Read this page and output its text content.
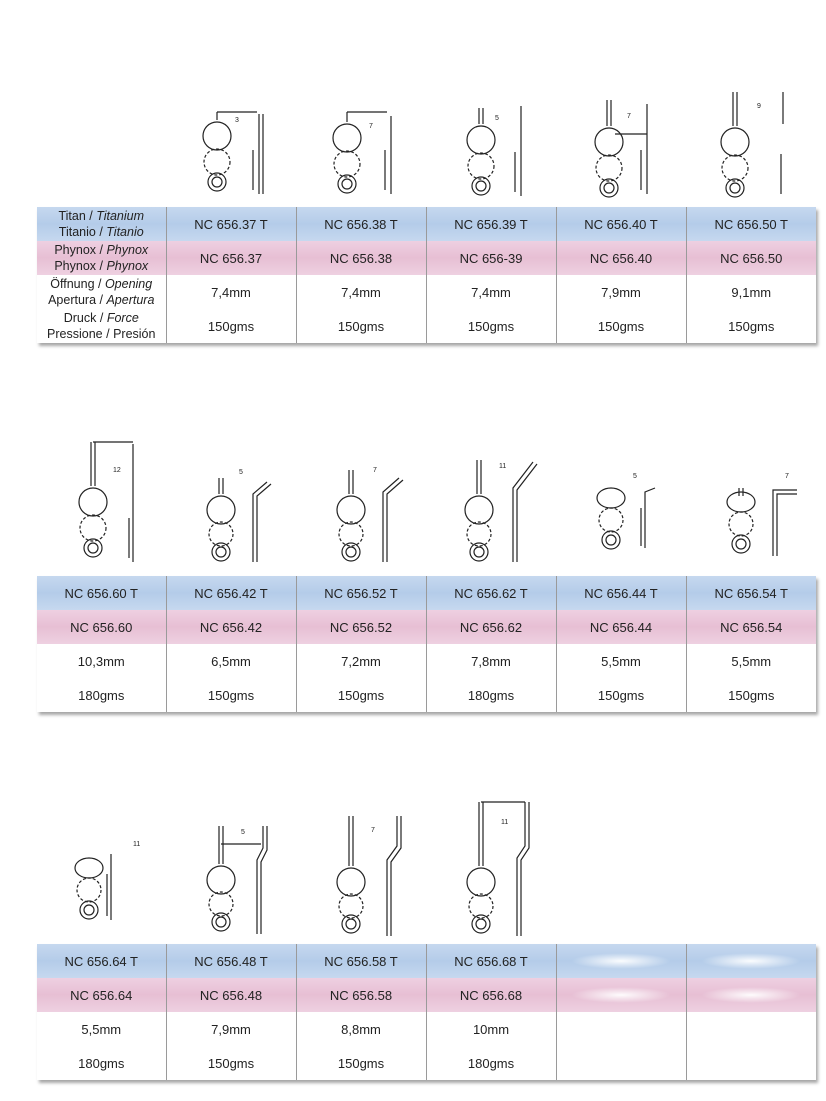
3
7
5	7
9
Titan / Titanium
Titanio / Titanio	NC 656.37 T	NC 656.38 T	NC 656.39 T	NC 656.40 T	NC 656.50 T

Phynox / Phynox
Phynox / Phynox	NC 656.37	NC 656.38	NC 656-39	NC 656.40	NC 656.50

Öffnung / Opening
Apertura / Apertura	7,4mm	7,4mm	7,4mm	7,9mm	9,1mm

Druck / Force
Pressione / Presión	150gms	150gms	150gms	150gms	150gms
12	5	7
11
5	7
NC 656.60 T	NC 656.42 T	NC 656.52 T	NC 656.62 T	NC 656.44 T	NC 656.54 T
NC 656.60	NC 656.42	NC 656.52	NC 656.62	NC 656.44	NC 656.54
10,3mm	6,5mm	7,2mm	7,8mm	5,5mm	5,5mm
180gms	150gms	150gms	180gms	150gms	150gms
11
5	7
11
NC 656.64 T	NC 656.48 T	NC 656.58 T	NC 656.68 T	

NC 656.64	NC 656.48	NC 656.58	NC 656.68	

5,5mm	7,9mm	8,8mm	10mm		
180gms	150gms	150gms	180gms		
